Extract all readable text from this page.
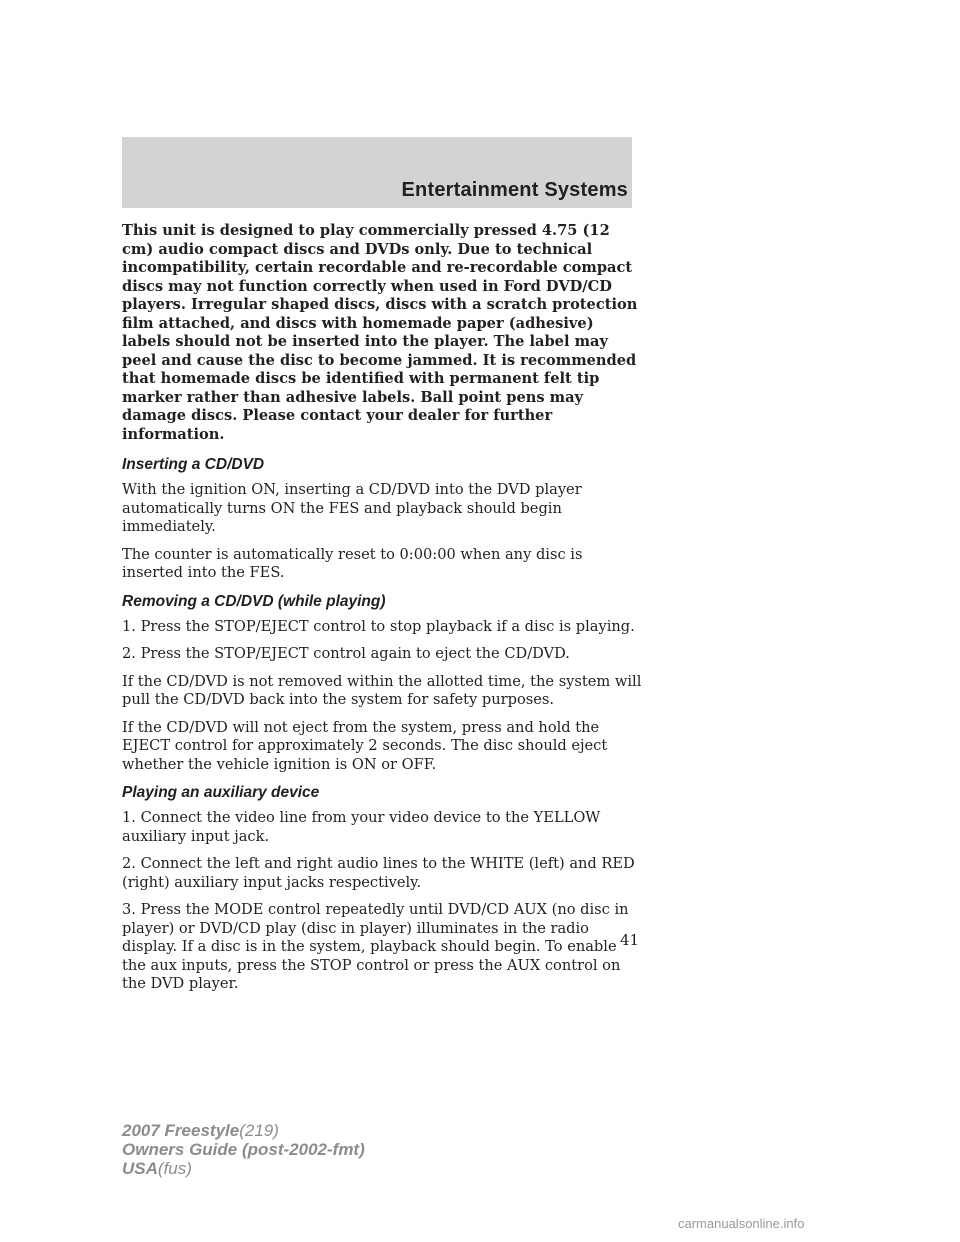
Entertainment Systems

This unit is designed to play commercially pressed 4.75 (12 cm) audio compact discs and DVDs only. Due to technical incompatibility, certain recordable and re-recordable compact discs may not function correctly when used in Ford DVD/CD players. Irregular shaped discs, discs with a scratch protection film attached, and discs with homemade paper (adhesive) labels should not be inserted into the player. The label may peel and cause the disc to become jammed. It is recommended that homemade discs be identified with permanent felt tip marker rather than adhesive labels. Ball point pens may damage discs. Please contact your dealer for further information.

Inserting a CD/DVD

With the ignition ON, inserting a CD/DVD into the DVD player automatically turns ON the FES and playback should begin immediately.

The counter is automatically reset to 0:00:00 when any disc is inserted into the FES.

Removing a CD/DVD (while playing)

1. Press the STOP/EJECT control to stop playback if a disc is playing.

2. Press the STOP/EJECT control again to eject the CD/DVD.

If the CD/DVD is not removed within the allotted time, the system will pull the CD/DVD back into the system for safety purposes.

If the CD/DVD will not eject from the system, press and hold the EJECT control for approximately 2 seconds. The disc should eject whether the vehicle ignition is ON or OFF.

Playing an auxiliary device

1. Connect the video line from your video device to the YELLOW auxiliary input jack.

2. Connect the left and right audio lines to the WHITE (left) and RED (right) auxiliary input jacks respectively.

3. Press the MODE control repeatedly until DVD/CD AUX (no disc in player) or DVD/CD play (disc in player) illuminates in the radio display. If a disc is in the system, playback should begin. To enable the aux inputs, press the STOP control or press the AUX control on the DVD player.

41
2007 Freestyle(219)
Owners Guide (post-2002-fmt)
USA(fus)
carmanualsonline.info
